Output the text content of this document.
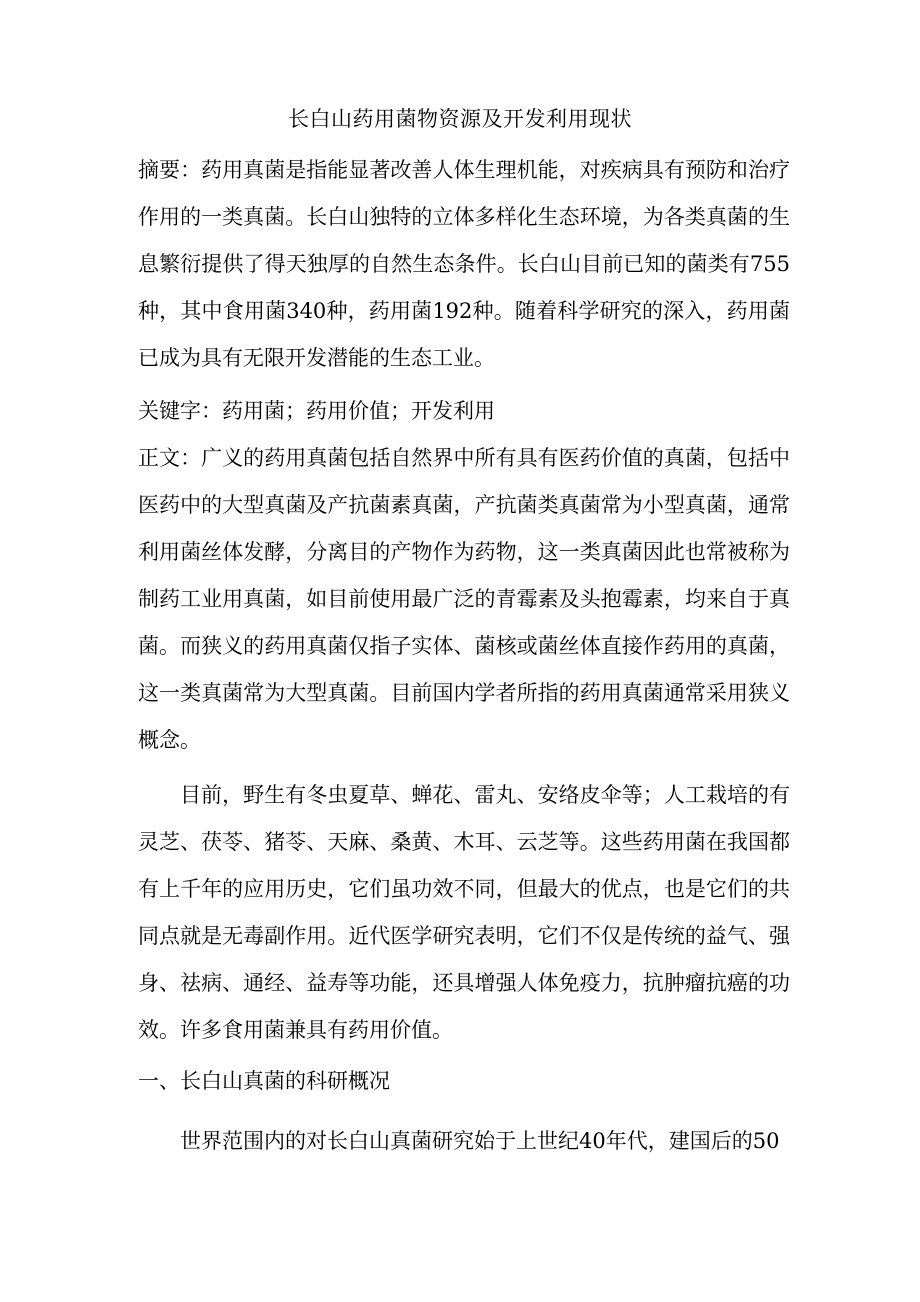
长白山药用菌物资源及开发利用现状

摘要：药用真菌是指能显著改善人体生理机能，对疾病具有预防和治疗作用的一类真菌。长白山独特的立体多样化生态环境，为各类真菌的生息繁衍提供了得天独厚的自然生态条件。长白山目前已知的菌类有755种，其中食用菌340种，药用菌192种。随着科学研究的深入，药用菌已成为具有无限开发潜能的生态工业。

关键字：药用菌；药用价值；开发利用

正文：广义的药用真菌包括自然界中所有具有医药价值的真菌，包括中医药中的大型真菌及产抗菌素真菌，产抗菌类真菌常为小型真菌，通常利用菌丝体发酵，分离目的产物作为药物，这一类真菌因此也常被称为制药工业用真菌，如目前使用最广泛的青霉素及头抱霉素，均来自于真菌。而狭义的药用真菌仅指子实体、菌核或菌丝体直接作药用的真菌，这一类真菌常为大型真菌。目前国内学者所指的药用真菌通常采用狭义概念。

目前，野生有冬虫夏草、蝉花、雷丸、安络皮伞等；人工栽培的有灵芝、茯苓、猪苓、天麻、桑黄、木耳、云芝等。这些药用菌在我国都有上千年的应用历史，它们虽功效不同，但最大的优点，也是它们的共同点就是无毒副作用。近代医学研究表明，它们不仅是传统的益气、强身、祛病、通经、益寿等功能，还具增强人体免疫力，抗肿瘤抗癌的功效。许多食用菌兼具有药用价值。

一、长白山真菌的科研概况

世界范围内的对长白山真菌研究始于上世纪40年代，建国后的50
